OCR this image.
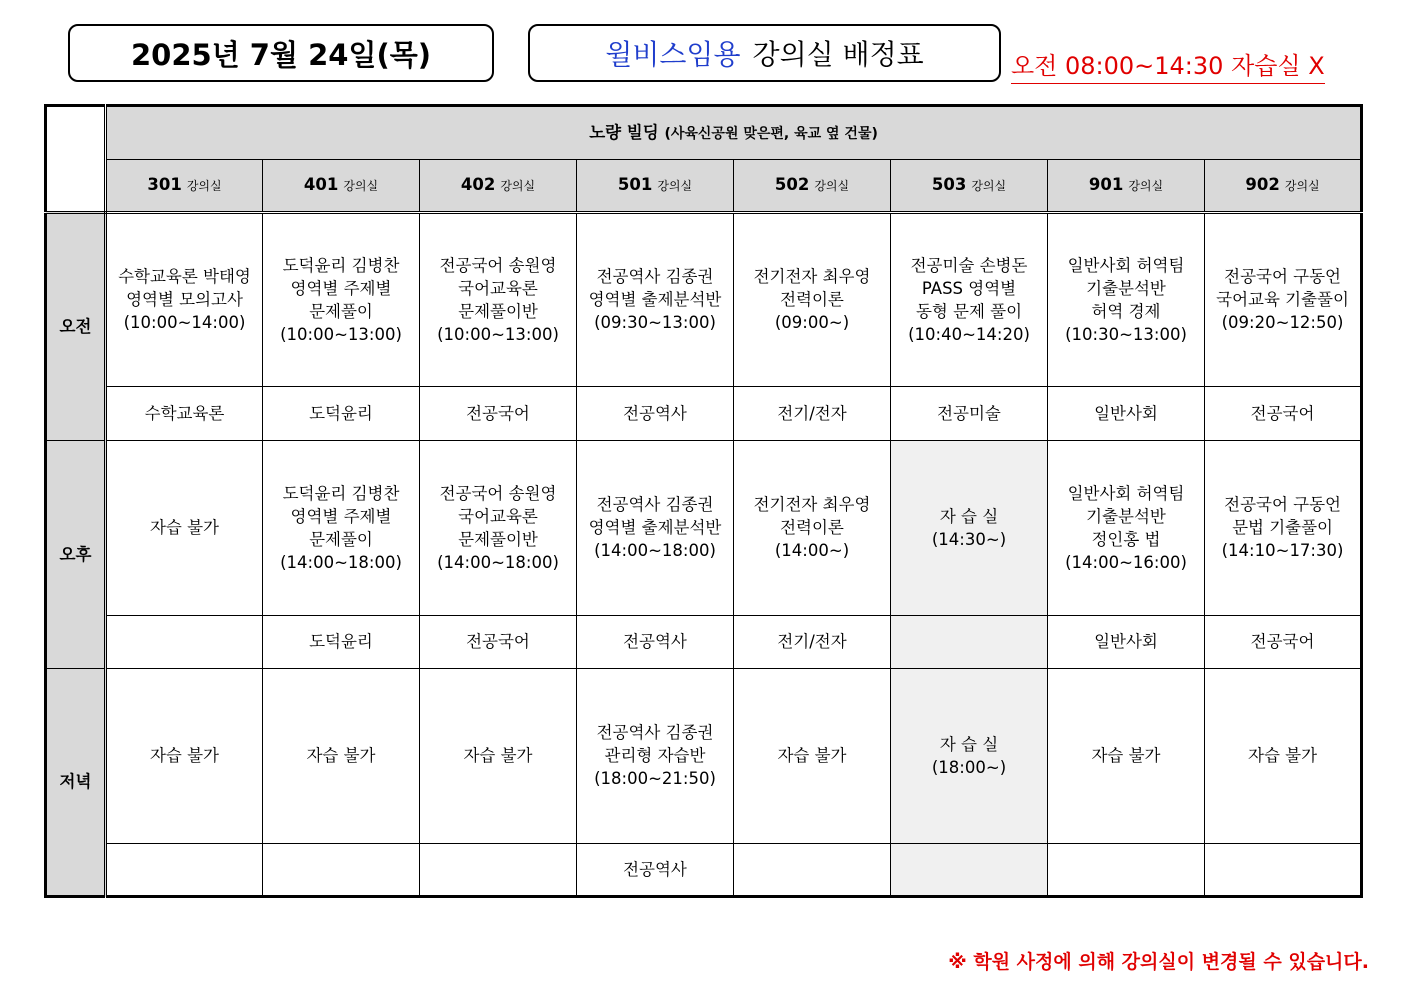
2025년 7월 24일(목)	윌비스임용 강의실 배정표	오전 08:00~14:30 자습실 X
	노량 빌딩 (사육신공원 맞은편, 육교 옆 건물)							
	301 강의실	401 강의실	402 강의실	501 강의실	502 강의실	503 강의실	901 강의실	902 강의실
오전	수학교육론 박태영
영역별 모의고사
(10:00~14:00)	도덕윤리 김병찬
영역별 주제별
문제풀이
(10:00~13:00)	전공국어 송원영
국어교육론
문제풀이반
(10:00~13:00)	전공역사 김종권
영역별 출제분석반
(09:30~13:00)	전기전자 최우영
전력이론
(09:00~)	전공미술 손병돈
PASS 영역별
동형 문제 풀이
(10:40~14:20)	일반사회 허역팀
기출분석반
허역 경제
(10:30~13:00)	전공국어 구동언
국어교육 기출풀이
(09:20~12:50)

	수학교육론	도덕윤리	전공국어	전공역사	전기/전자	전공미술	일반사회	전공국어
오후	자습 불가	도덕윤리 김병찬
영역별 주제별
문제풀이
(14:00~18:00)	전공국어 송원영
국어교육론
문제풀이반
(14:00~18:00)	전공역사 김종권
영역별 출제분석반
(14:00~18:00)	전기전자 최우영
전력이론
(14:00~)	자 습 실
(14:30~)	일반사회 허역팀
기출분석반
정인홍 법
(14:00~16:00)	전공국어 구동언
문법 기출풀이
(14:10~17:30)

		도덕윤리	전공국어	전공역사	전기/전자		일반사회	전공국어
저녁	자습 불가	자습 불가	자습 불가	전공역사 김종권
관리형 자습반
(18:00~21:50)	자습 불가	자 습 실
(18:00~)	자습 불가	자습 불가

				전공역사				
※ 학원 사정에 의해 강의실이 변경될 수 있습니다.
